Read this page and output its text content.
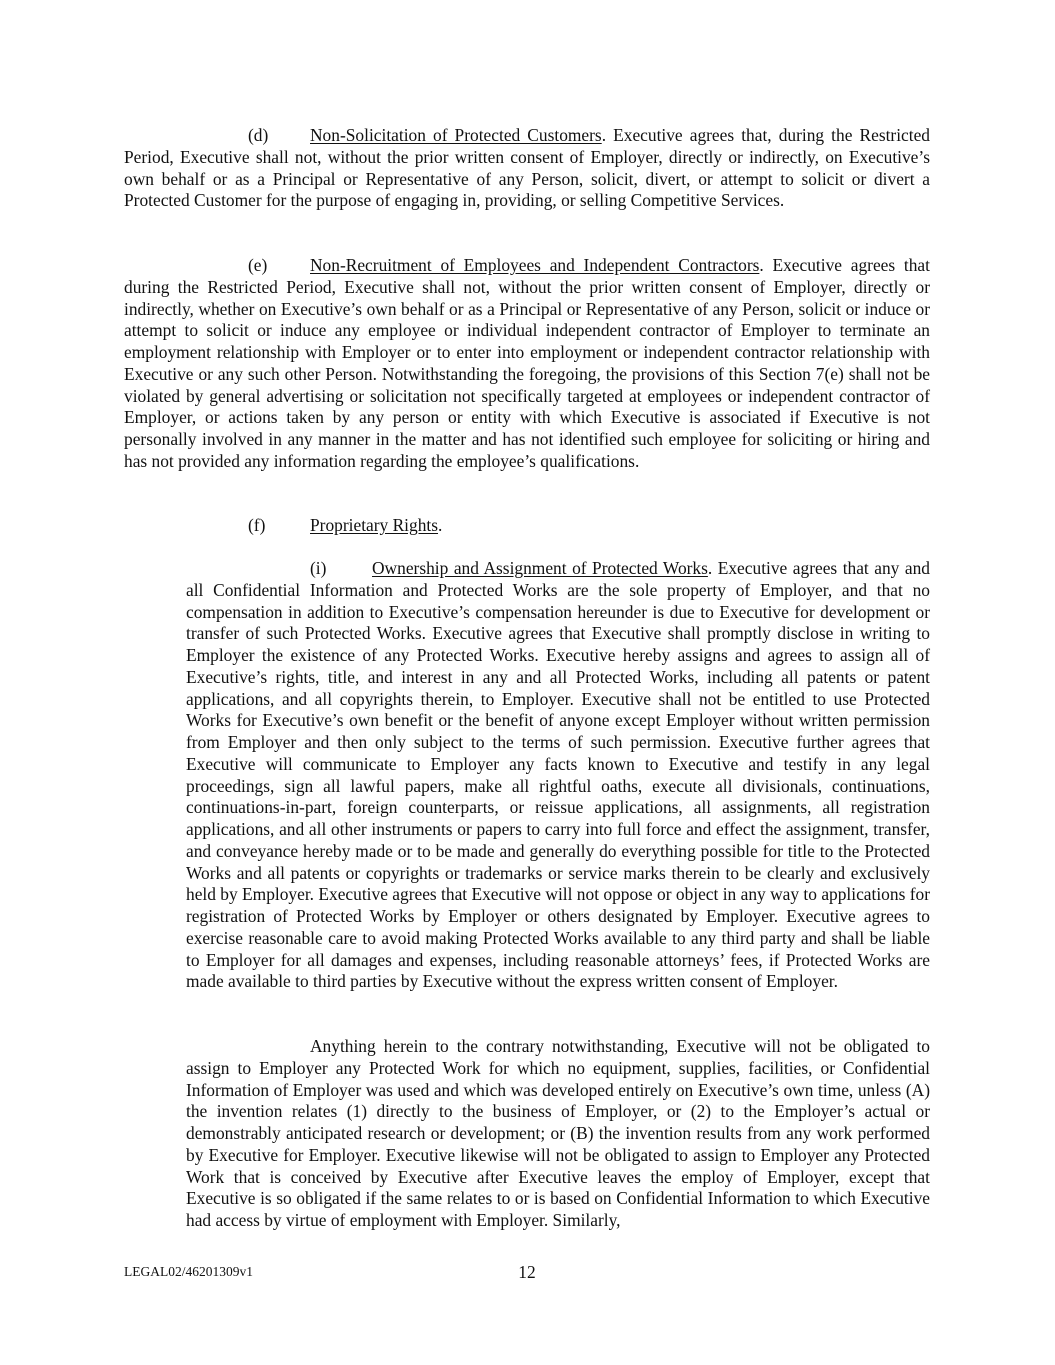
(d) Non-Solicitation of Protected Customers. Executive agrees that, during the Restricted Period, Executive shall not, without the prior written consent of Employer, directly or indirectly, on Executive’s own behalf or as a Principal or Representative of any Person, solicit, divert, or attempt to solicit or divert a Protected Customer for the purpose of engaging in, providing, or selling Competitive Services.

(e) Non-Recruitment of Employees and Independent Contractors. Executive agrees that during the Restricted Period, Executive shall not, without the prior written consent of Employer, directly or indirectly, whether on Executive’s own behalf or as a Principal or Representative of any Person, solicit or induce or attempt to solicit or induce any employee or individual independent contractor of Employer to terminate an employment relationship with Employer or to enter into employment or independent contractor relationship with Executive or any such other Person. Notwithstanding the foregoing, the provisions of this Section 7(e) shall not be violated by general advertising or solicitation not specifically targeted at employees or independent contractor of Employer, or actions taken by any person or entity with which Executive is associated if Executive is not personally involved in any manner in the matter and has not identified such employee for soliciting or hiring and has not provided any information regarding the employee’s qualifications.

(f)	Proprietary Rights.

(i)	Ownership and Assignment of Protected Works. Executive agrees that any and all Confidential Information and Protected Works are the sole property of Employer, and that no compensation in addition to Executive’s compensation hereunder is due to Executive for development or transfer of such Protected Works. Executive agrees that Executive shall promptly disclose in writing to Employer the existence of any Protected Works. Executive hereby assigns and agrees to assign all of Executive’s rights, title, and interest in any and all Protected Works, including all patents or patent applications, and all copyrights therein, to Employer. Executive shall not be entitled to use Protected Works for Executive’s own benefit or the benefit of anyone except Employer without written permission from Employer and then only subject to the terms of such permission. Executive further agrees that Executive will communicate to Employer any facts known to Executive and testify in any legal proceedings, sign all lawful papers, make all rightful oaths, execute all divisionals, continuations, continuations-in-part, foreign counterparts, or reissue applications, all assignments, all registration applications, and all other instruments or papers to carry into full force and effect the assignment, transfer, and conveyance hereby made or to be made and generally do everything possible for title to the Protected Works and all patents or copyrights or trademarks or service marks therein to be clearly and exclusively held by Employer. Executive agrees that Executive will not oppose or object in any way to applications for registration of Protected Works by Employer or others designated by Employer. Executive agrees to exercise reasonable care to avoid making Protected Works available to any third party and shall be liable to Employer for all damages and expenses, including reasonable attorneys’ fees, if Protected Works are made available to third parties by Executive without the express written consent of Employer.

Anything herein to the contrary notwithstanding, Executive will not be obligated to assign to Employer any Protected Work for which no equipment, supplies, facilities, or Confidential Information of Employer was used and which was developed entirely on Executive’s own time, unless (A) the invention relates (1) directly to the business of Employer, or (2) to the Employer’s actual or demonstrably anticipated research or development; or (B) the invention results from any work performed by Executive for Employer. Executive likewise will not be obligated to assign to Employer any Protected Work that is conceived by Executive after Executive leaves the employ of Employer, except that Executive is so obligated if the same relates to or is based on Confidential Information to which Executive had access by virtue of employment with Employer. Similarly,

LEGAL02/46201309v1	12
